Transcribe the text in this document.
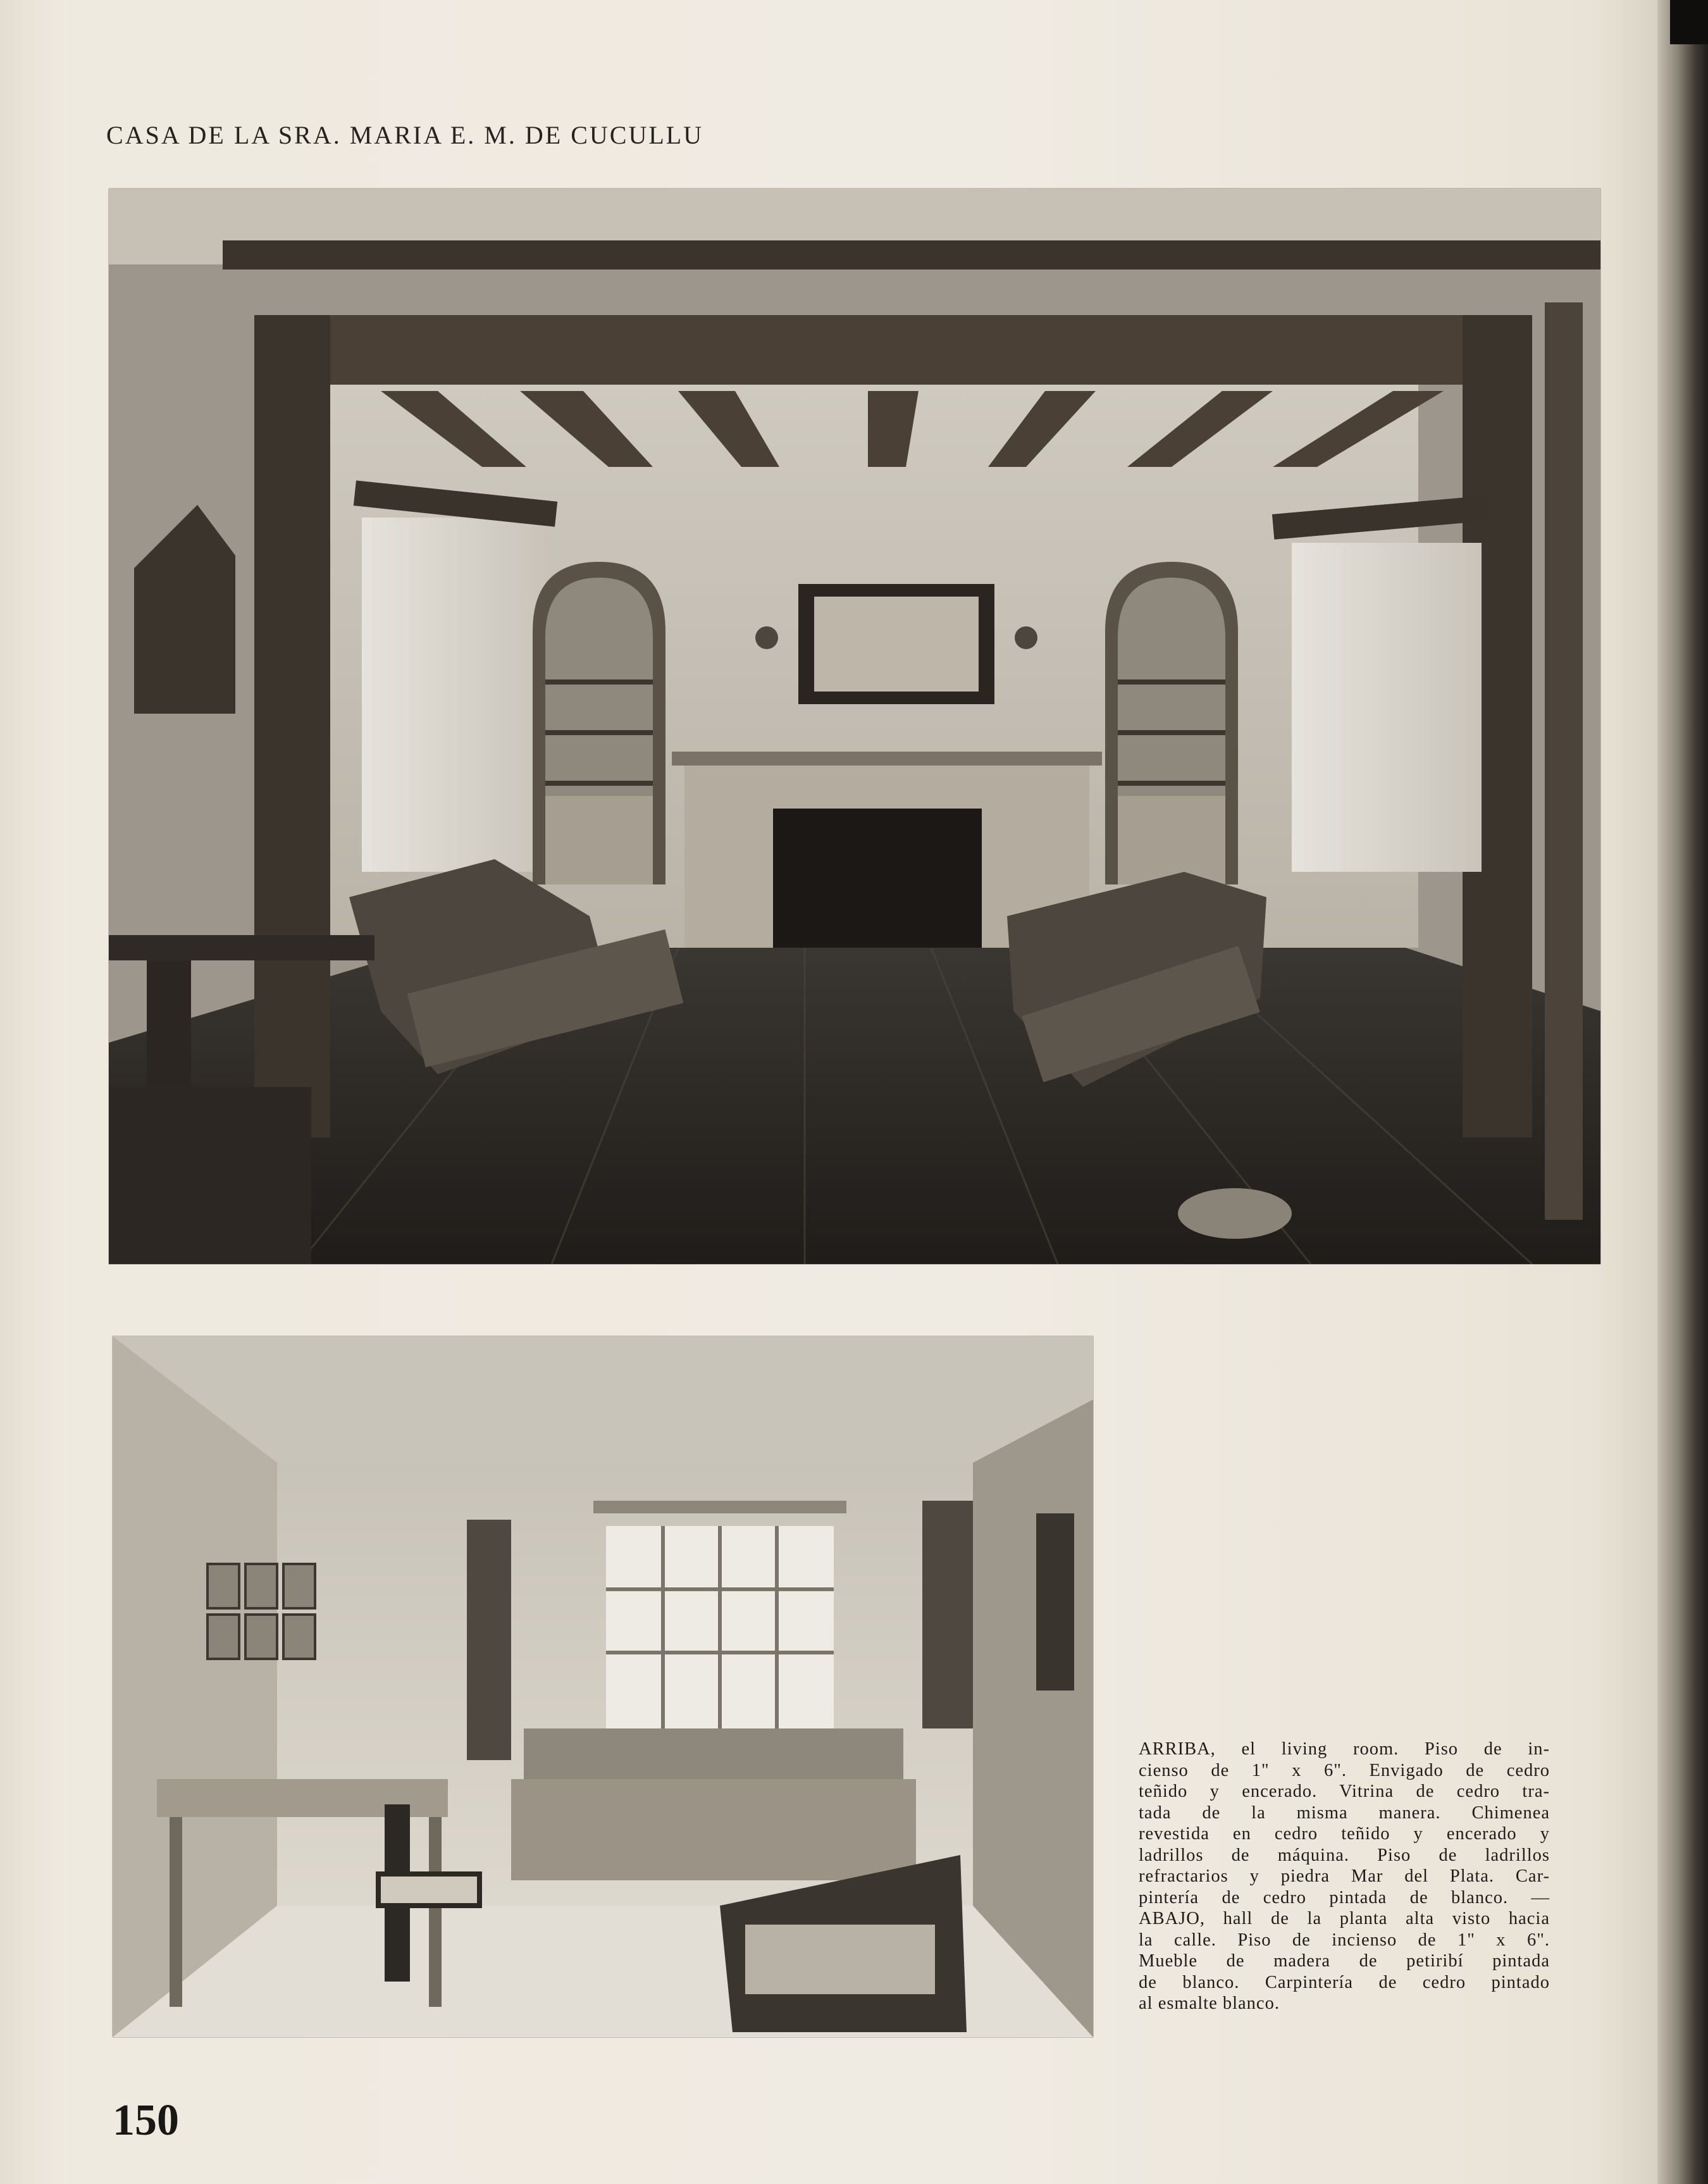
CASA DE LA SRA. MARIA E. M. DE CUCULLU
ARRIBA, el living room. Piso de in-
cienso de 1" x 6". Envigado de cedro
teñido y encerado. Vitrina de cedro tra-
tada de la misma manera. Chimenea
revestida en cedro teñido y encerado y
ladrillos de máquina. Piso de ladrillos
refractarios y piedra Mar del Plata. Car-
pintería de cedro pintada de blanco. —
ABAJO, hall de la planta alta visto hacia
la calle. Piso de incienso de 1" x 6".
Mueble de madera de petiribí pintada
de blanco. Carpintería de cedro pintado
al esmalte blanco.
150
